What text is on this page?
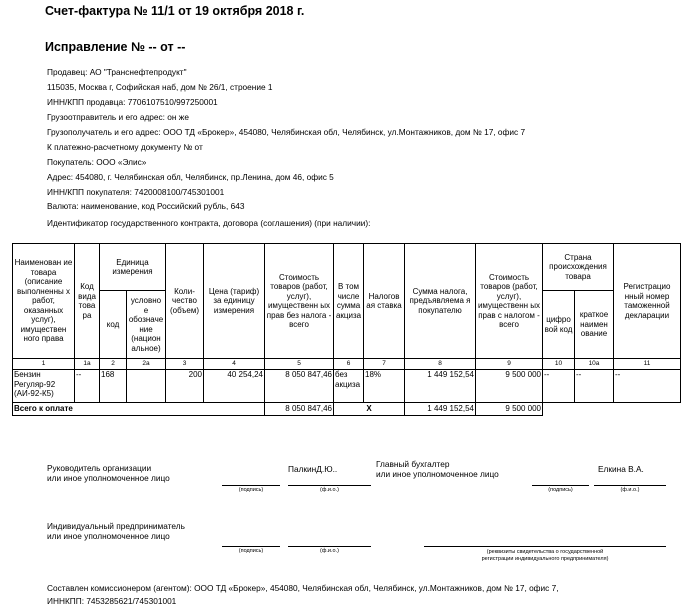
Счет-фактура № 11/1 от 19 октября 2018 г.
Исправление № -- от --
Продавец: АО "Транснефтепродукт"
115035, Москва г, Софийская наб, дом № 26/1, строение 1
ИНН/КПП продавца: 7706107510/997250001
Грузоотправитель и его адрес: он же
Грузополучатель и его адрес: ООО ТД «Брокер», 454080, Челябинская обл, Челябинск, ул.Монтажников, дом № 17, офис 7
К платежно-расчетному документу № от
Покупатель: ООО «Элис»
Адрес: 454080, г. Челябинская обл, Челябинск, пр.Ленина, дом 46, офис 5
ИНН/КПП покупателя: 7420008100/745301001
Валюта: наименование, код Российский рубль, 643
Идентификатор государственного контракта, договора (соглашения) (при наличии):
Наименован ие товара (описание выполненны х работ, оказанных услуг), имуществен ного права	Код вида това ра	Единица измерения		Коли- чество (объем)	Цена (тариф) за единицу измерения	Стоимость товаров (работ, услуг), имущественн ых прав без налога - всего	В том числе сумма акциза	Налогов ая ставка	Сумма налога, предъявляема я покупателю	Стоимость товаров (работ, услуг), имущественн ых прав с налогом - всего	Страна происхождения товара		Регистрацио нный номер таможенной декларации
		код	условно е обозначе ние (национ альное)								цифро вой код	краткое наимен ование	
1	1а	2	2а	3	4	5	6	7	8	9	10	10а	11
Бензин Регуляр-92 (АИ-92-К5)	--	168		200	40 254,24	8 050 847,46	без акциза	18%	1 449 152,54	9 500 000	--	--	--
Всего к оплате						8 050 847,46	Х		1 449 152,54	9 500 000			
Руководитель организации
или иное уполномоченное лицо
ПалкинД.Ю..
(подпись)	(ф.и.о.)
Главный бухгалтер
или иное уполномоченное лицо	Елкина В.А.
(подпись)	(ф.и.о.)
Индивидуальный предприниматель
или иное уполномоченное лицо
(подпись)	(ф.и.о.)	(реквизиты свидетельства о государственной
регистрации индивидуального предпринимателя)
Составлен комиссионером (агентом): ООО ТД «Брокер», 454080, Челябинская обл, Челябинск, ул.Монтажников, дом № 17, офис 7,
ИННКПП: 7453285621/745301001
